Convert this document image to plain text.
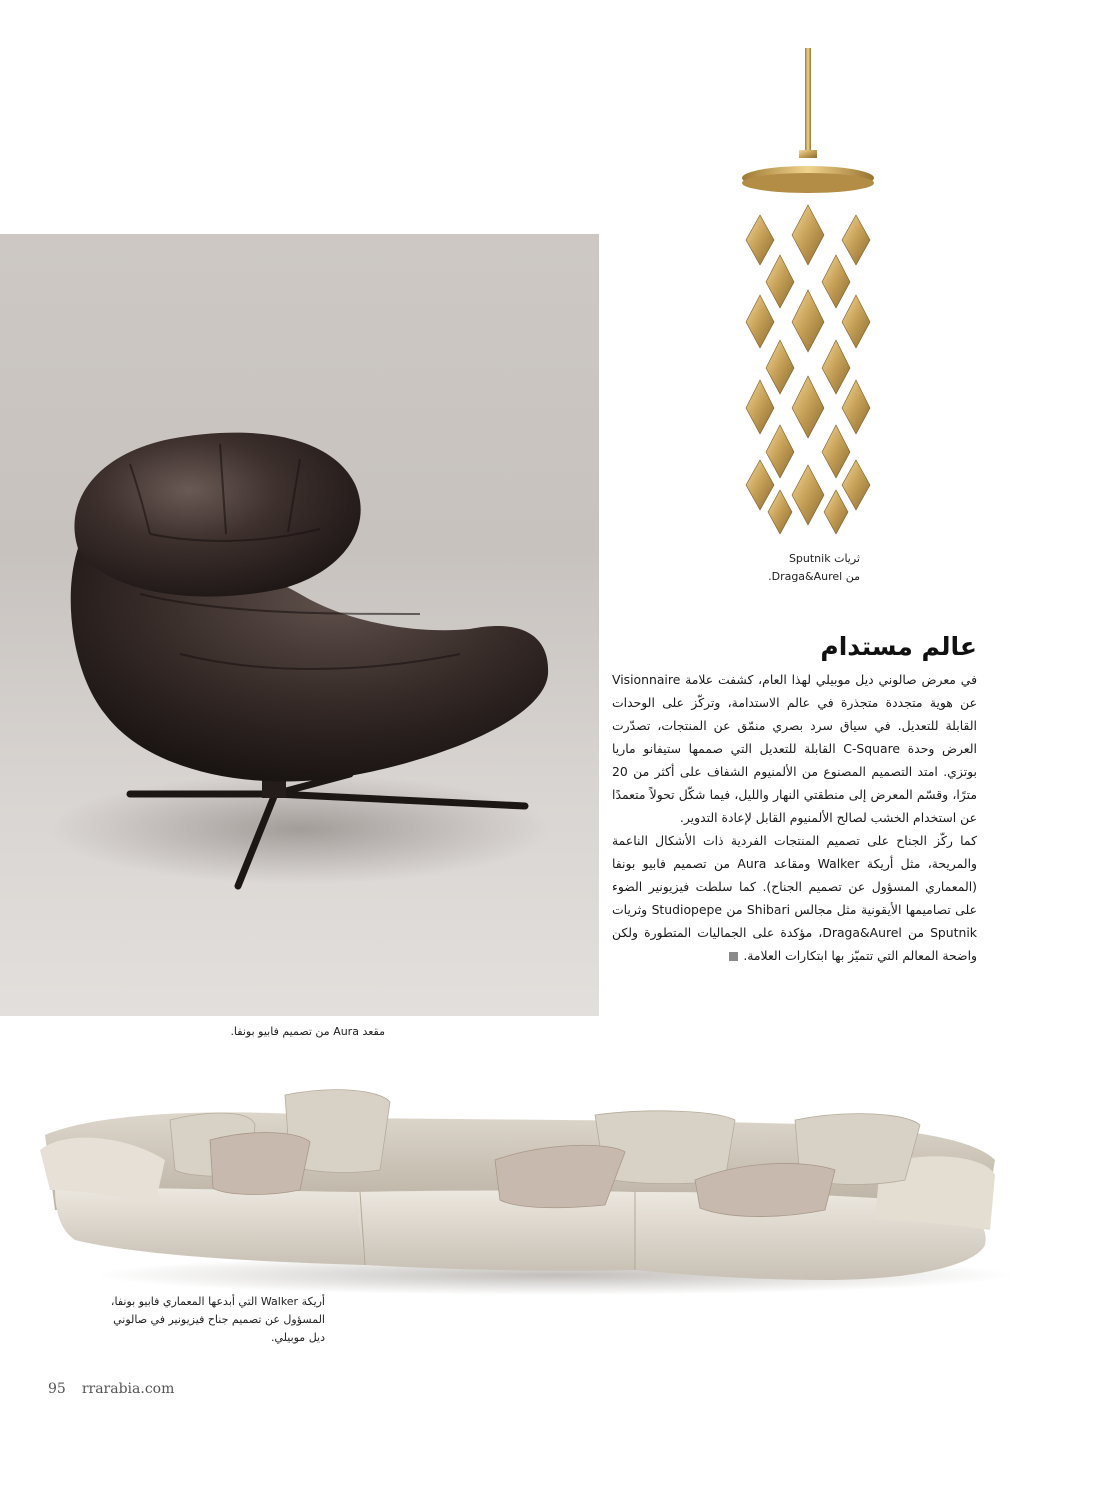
ثريات Sputnik
من Draga&Aurel.
مقعد Aura من تصميم فابيو بونفا.
عالم مستدام

في معرض صالوني ديل موبيلي لهذا العام، كشفت علامة Visionnaire عن هوية متجددة متجذرة في عالم الاستدامة، وتركّز على الوحدات القابلة للتعديل. في سياق سرد بصري منمّق عن المنتجات، تصدّرت العرض وحدة C-Square القابلة للتعديل التي صممها ستيفانو ماريا بوتزي. امتد التصميم المصنوع من الألمنيوم الشفاف على أكثر من 20 مترًا، وقسّم المعرض إلى منطقتي النهار والليل، فيما شكّل تحولاً متعمدًا عن استخدام الخشب لصالح الألمنيوم القابل لإعادة التدوير.

كما ركّز الجناح على تصميم المنتجات الفردية ذات الأشكال الناعمة والمريحة، مثل أريكة Walker ومقاعد Aura من تصميم فابيو بونفا (المعماري المسؤول عن تصميم الجناح). كما سلطت فيزيونير الضوء على تصاميمها الأيقونية مثل مجالس Shibari من Studiopepe وثريات Sputnik من Draga&Aurel، مؤكدة على الجماليات المتطورة ولكن واضحة المعالم التي تتميّز بها ابتكارات العلامة.

أريكة Walker التي أبدعها المعماري فابيو بونفا، المسؤول عن تصميم جناح فيزيونير في صالوني ديل موبيلي.
95 rrarabia.com
